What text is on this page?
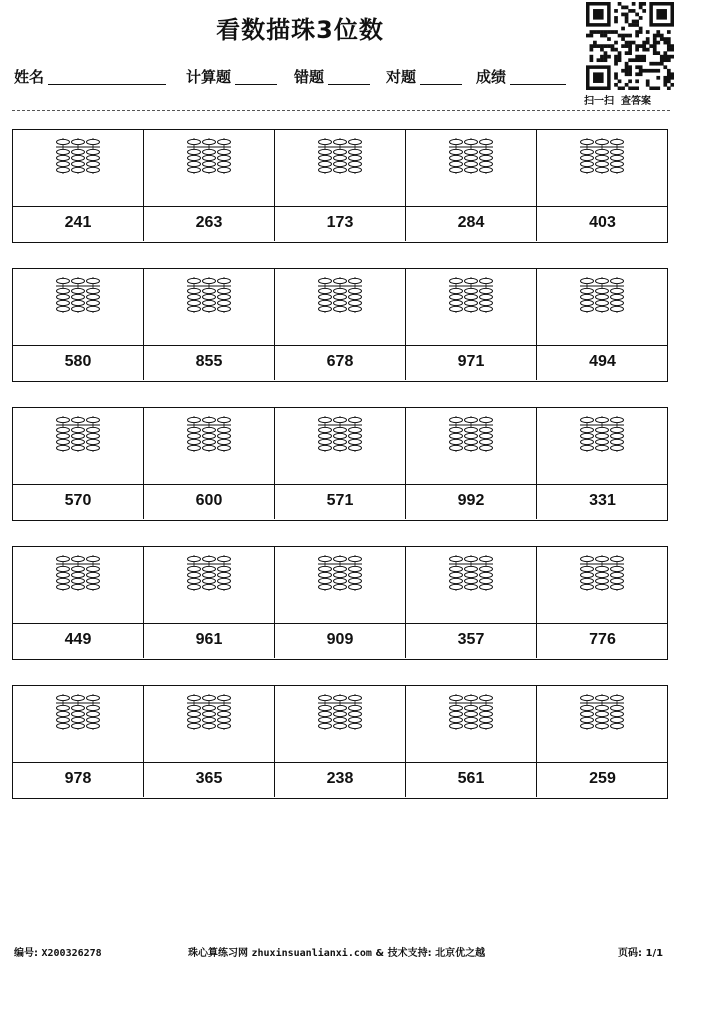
看数描珠3位数
姓名	计算题	错题	对题	成绩
扫一扫 查答案
241	263	173	284	403
580	855	678	971	494
570	600	571	992	331
449	961	909	357	776
978	365	238	561	259
编号: X200326278	珠心算练习网 zhuxinsuanlianxi.com & 技术支持: 北京优之越	页码: 1/1
